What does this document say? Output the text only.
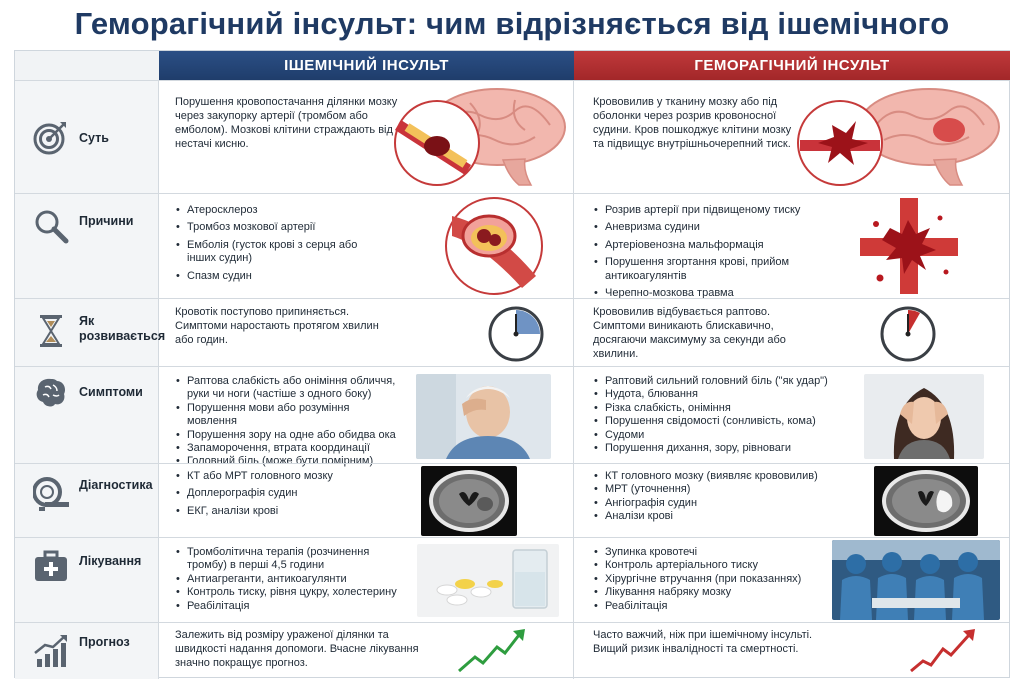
Геморагічний інсульт: чим відрізняється від ішемічного
ІШЕМІЧНИЙ ІНСУЛЬТ	ГЕМОРАГІЧНИЙ ІНСУЛЬТ
Суть
Порушення кровопостачання ділянки мозку через закупорку артерії (тромбом або емболом). Мозкові клітини страждають від нестачі кисню.
Крововилив у тканину мозку або під оболонки через розрив кровоносної судини. Кров пошкоджує клітини мозку та підвищує внутрішньочерепний тиск.
Причини
• Атеросклероз
• Тромбоз мозкової артерії
• Емболія (густок крові з серця або інших судин)
• Спазм судин
• Розрив артерії при підвищеному тиску
• Аневризма судини
• Артеріовенозна мальформація
• Порушення згортання крові, прийом антикоагулянтів
• Черепно-мозкова травма
Як розвивається
Кровотік поступово припиняється. Симптоми наростають протягом хвилин або годин.
Крововилив відбувається раптово. Симптоми виникають блискавично, досягаючи максимуму за секунди або хвилини.
Симптоми
• Раптова слабкість або оніміння обличчя, руки чи ноги (частіше з одного боку)
• Порушення мови або розуміння мовлення
• Порушення зору на одне або обидва ока
• Запаморочення, втрата координації
• Головний біль (може бути помірним)
• Раптовий сильний головний біль ("як удар")
• Нудота, блювання
• Різка слабкість, оніміння
• Порушення свідомості (сонливість, кома)
• Судоми
• Порушення дихання, зору, рівноваги
Діагностика
• КТ або МРТ головного мозку
• Доплерографія судин
• ЕКГ, аналізи крові
• КТ головного мозку (виявляє крововилив)
• МРТ (уточнення)
• Ангіографія судин
• Аналізи крові
Лікування
• Тромболітична терапія (розчинення тромбу) в перші 4,5 години
• Антиагреганти, антикоагулянти
• Контроль тиску, рівня цукру, холестерину
• Реабілітація
• Зупинка кровотечі
• Контроль артеріального тиску
• Хірургічне втручання (при показаннях)
• Лікування набряку мозку
• Реабілітація
Прогноз	Залежить від розміру ураженої ділянки та швидкості надання допомоги. Вчасне лікування значно покращує прогноз.
Часто важчий, ніж при ішемічному інсульті. Вищий ризик інвалідності та смертності.
